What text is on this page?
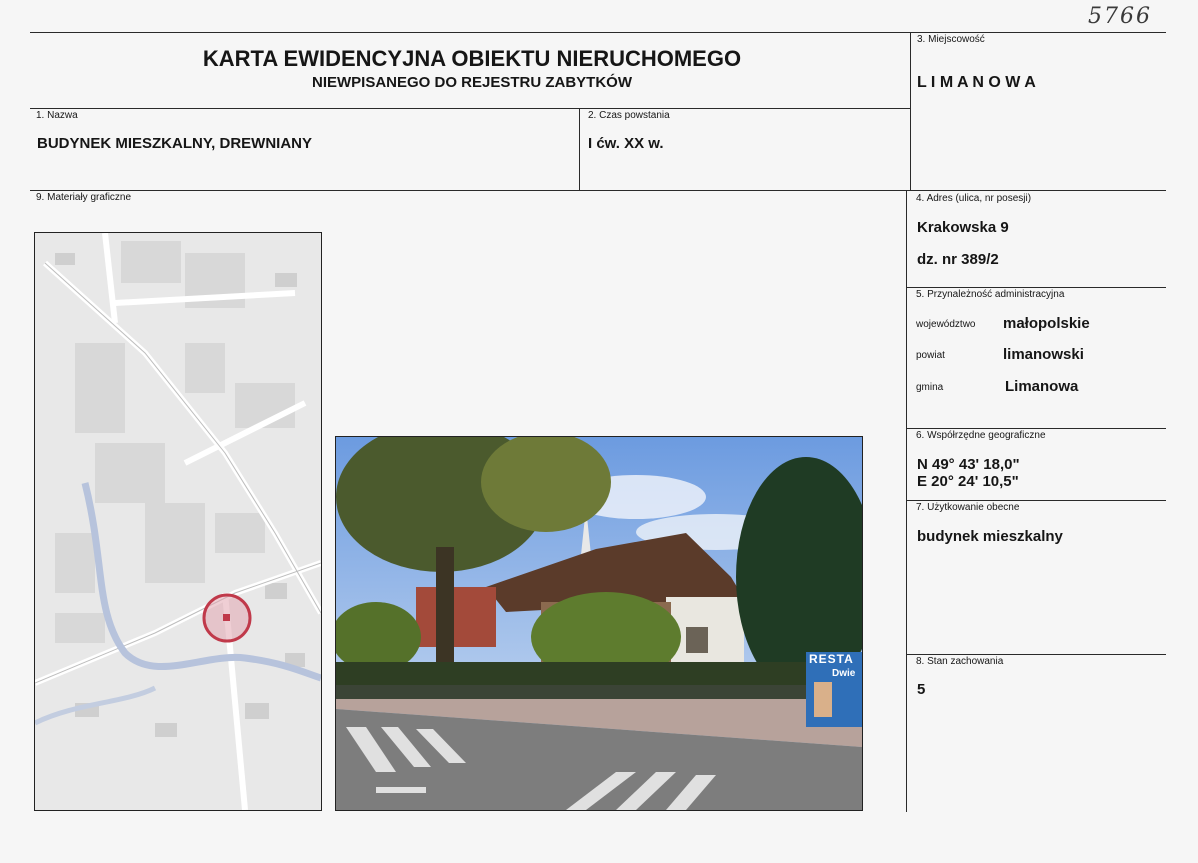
5766
KARTA EWIDENCYJNA OBIEKTU NIERUCHOMEGO
NIEWPISANEGO DO REJESTRU ZABYTKÓW
3. Miejscowość
L I M A N O W A
1. Nazwa
BUDYNEK MIESZKALNY, DREWNIANY
2. Czas powstania
I ćw. XX w.
9. Materiały graficzne	4. Adres (ulica, nr posesji)
Krakowska 9
dz. nr 389/2
5. Przynależność administracyjna
województwo małopolskie
powiat	limanowski
gmina	Limanowa
6. Współrzędne geograficzne
N 49° 43' 18,0"
E 20° 24' 10,5"
7. Użytkowanie obecne
budynek mieszkalny
8. Stan zachowania
5
RESTA
Dwie
